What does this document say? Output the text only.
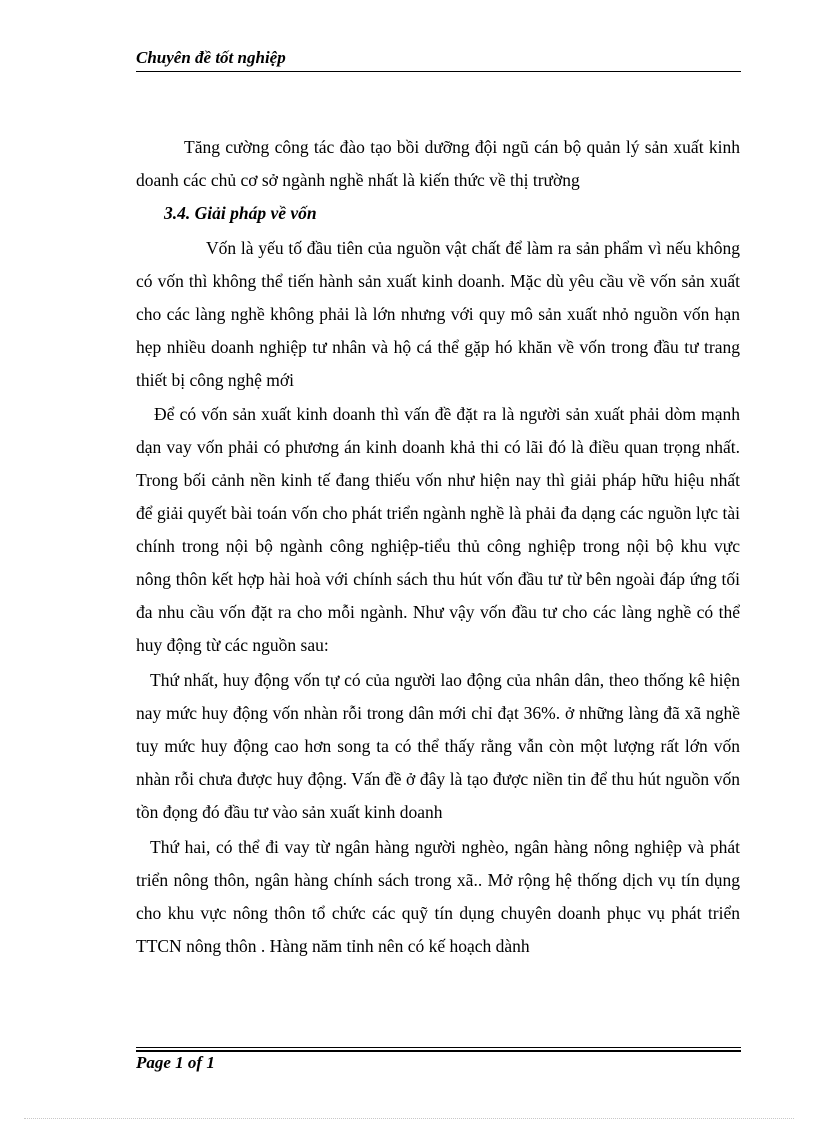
Chuyên đề tốt nghiệp

Tăng cường công tác đào tạo bồi dưỡng đội ngũ cán bộ quản lý sản xuất kinh doanh các chủ cơ sở ngành nghề nhất là kiến thức về thị trường

3.4. Giải pháp về vốn

Vốn là yếu tố đầu tiên của nguồn vật chất để làm ra sản phẩm vì nếu không có vốn thì không thể tiến hành sản xuất kinh doanh. Mặc dù yêu cầu về vốn sản xuất cho các làng nghề không phải là lớn nhưng với quy mô sản xuất nhỏ nguồn vốn hạn hẹp nhiều doanh nghiệp tư nhân và hộ cá thể gặp hó khăn về vốn trong đầu tư trang thiết bị công nghệ mới

Để có vốn sản xuất kinh doanh thì vấn đề đặt ra là người sản xuất phải dòm mạnh dạn vay vốn phải có phương án kinh doanh khả thi có lãi đó là điều quan trọng nhất. Trong bối cảnh nền kinh tế đang thiếu vốn như hiện nay thì giải pháp hữu hiệu nhất để giải quyết bài toán vốn cho phát triển ngành nghề là phải đa dạng các nguồn lực tài chính trong nội bộ ngành công nghiệp-tiểu thủ công nghiệp trong nội bộ khu vực nông thôn kết hợp hài hoà với chính sách thu hút vốn đầu tư từ bên ngoài đáp ứng tối đa nhu cầu vốn đặt ra cho mỗi ngành. Như vậy vốn đầu tư cho các làng nghề có thể huy động từ các nguồn sau:

Thứ nhất, huy động vốn tự có của người lao động của nhân dân, theo thống kê hiện nay mức huy động vốn nhàn rỗi trong dân mới chỉ đạt 36%. ở những làng đã xã nghề tuy mức huy động cao hơn song ta có thể thấy rằng vẫn còn một lượng rất lớn vốn nhàn rỗi chưa được huy động. Vấn đề ở đây là tạo được niền tin để thu hút nguồn vốn tồn đọng đó đầu tư vào sản xuất kinh doanh

Thứ hai, có thể đi vay từ ngân hàng người nghèo, ngân hàng nông nghiệp và phát triển nông thôn, ngân hàng chính sách trong xã.. Mở rộng hệ thống dịch vụ tín dụng cho khu vực nông thôn tổ chức các quỹ tín dụng chuyên doanh phục vụ phát triển TTCN nông thôn . Hàng năm tỉnh nên có kế hoạch dành

Page 1 of 1
